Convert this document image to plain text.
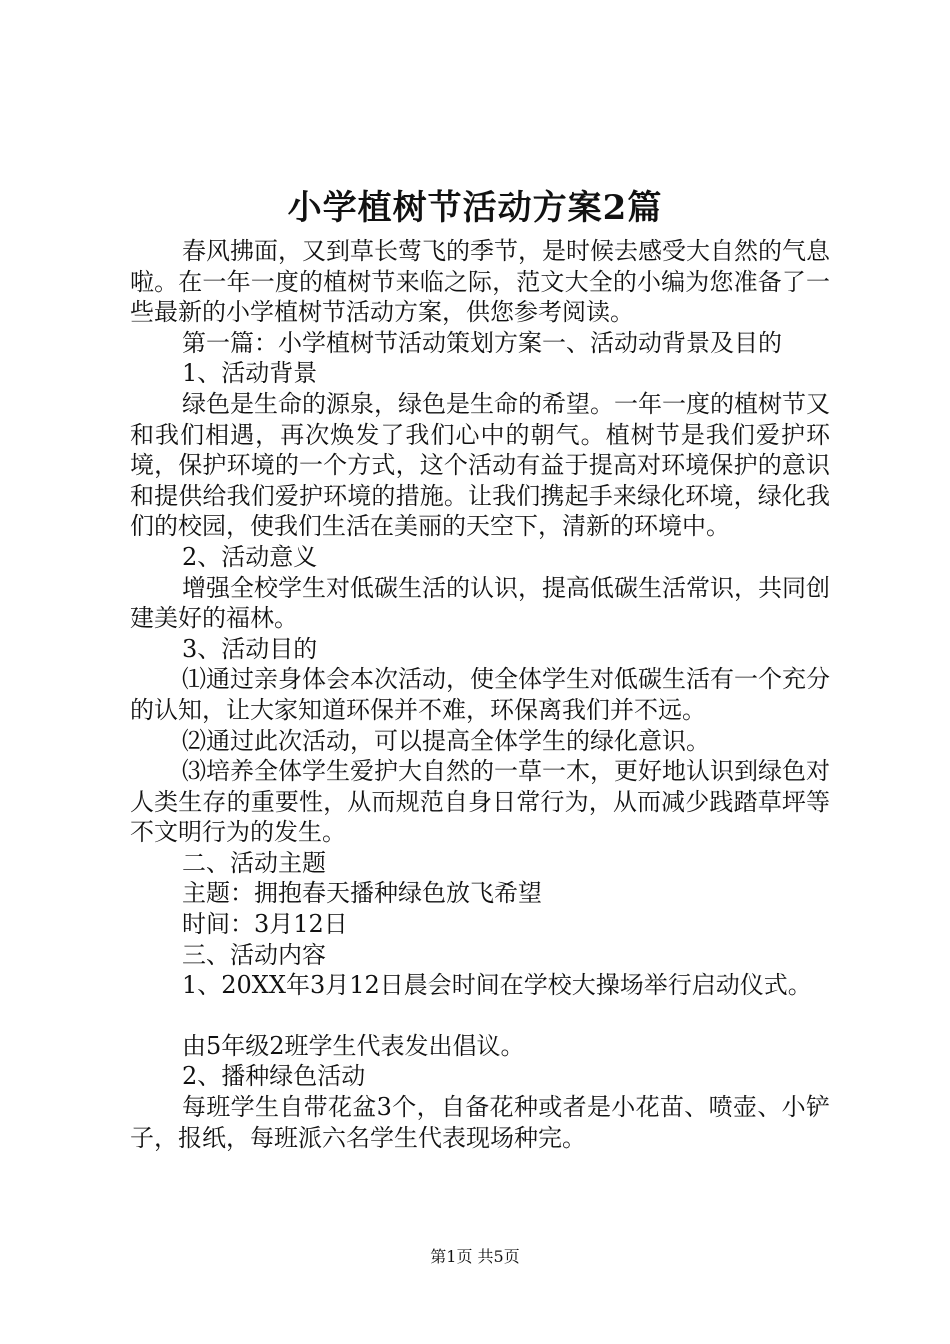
小学植树节活动方案2篇

春风拂面，又到草长莺飞的季节，是时候去感受大自然的气息啦。在一年一度的植树节来临之际，范文大全的小编为您准备了一些最新的小学植树节活动方案，供您参考阅读。

第一篇：小学植树节活动策划方案一、活动动背景及目的

1、活动背景

绿色是生命的源泉，绿色是生命的希望。一年一度的植树节又和我们相遇，再次焕发了我们心中的朝气。植树节是我们爱护环境，保护环境的一个方式，这个活动有益于提高对环境保护的意识和提供给我们爱护环境的措施。让我们携起手来绿化环境，绿化我们的校园，使我们生活在美丽的天空下，清新的环境中。

2、活动意义

增强全校学生对低碳生活的认识，提高低碳生活常识，共同创建美好的福林。

3、活动目的

⑴通过亲身体会本次活动，使全体学生对低碳生活有一个充分的认知，让大家知道环保并不难，环保离我们并不远。

⑵通过此次活动，可以提高全体学生的绿化意识。

⑶培养全体学生爱护大自然的一草一木，更好地认识到绿色对人类生存的重要性，从而规范自身日常行为，从而减少践踏草坪等不文明行为的发生。

二、活动主题

主题：拥抱春天播种绿色放飞希望

时间：3月12日

三、活动内容

1、20XX年3月12日晨会时间在学校大操场举行启动仪式。

由5年级2班学生代表发出倡议。

2、播种绿色活动

每班学生自带花盆3个，自备花种或者是小花苗、喷壶、小铲子，报纸，每班派六名学生代表现场种完。

第1页 共5页
